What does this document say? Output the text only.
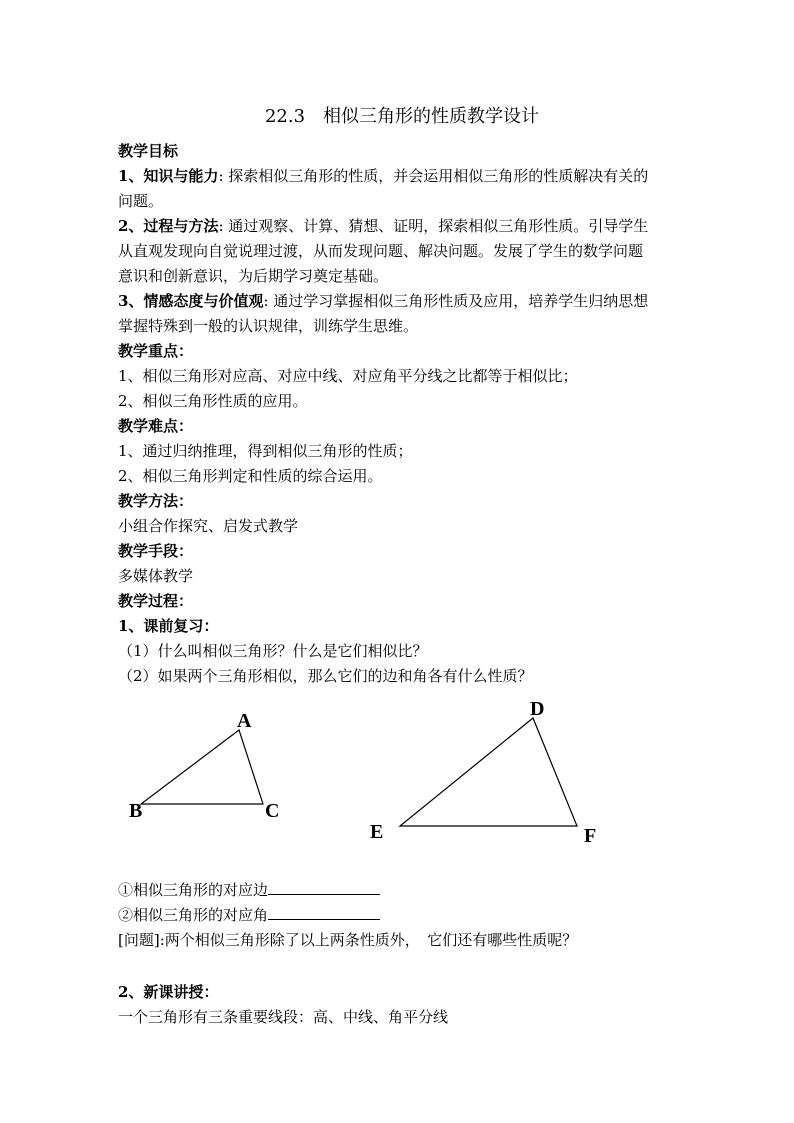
22.3　相似三角形的性质教学设计
教学目标
1、知识与能力: 探索相似三角形的性质，并会运用相似三角形的性质解决有关的
问题。
2、过程与方法: 通过观察、计算、猜想、证明，探索相似三角形性质。引导学生
从直观发现向自觉说理过渡，从而发现问题、解决问题。发展了学生的数学问题
意识和创新意识，为后期学习奠定基础。
3、情感态度与价值观: 通过学习掌握相似三角形性质及应用，培养学生归纳思想
掌握特殊到一般的认识规律，训练学生思维。
教学重点：
1、相似三角形对应高、对应中线、对应角平分线之比都等于相似比；
2、相似三角形性质的应用。
教学难点：
1、通过归纳推理，得到相似三角形的性质；
2、相似三角形判定和性质的综合运用。
教学方法：
小组合作探究、启发式教学
教学手段：
多媒体教学
教学过程：
1、课前复习：
（1）什么叫相似三角形？什么是它们相似比？
（2）如果两个三角形相似，那么它们的边和角各有什么性质？
A
B	C
D
E	F
①相似三角形的对应边
②相似三角形的对应角
[问题]:两个相似三角形除了以上两条性质外，　它们还有哪些性质呢？
2、新课讲授：
一个三角形有三条重要线段：高、中线、角平分线
